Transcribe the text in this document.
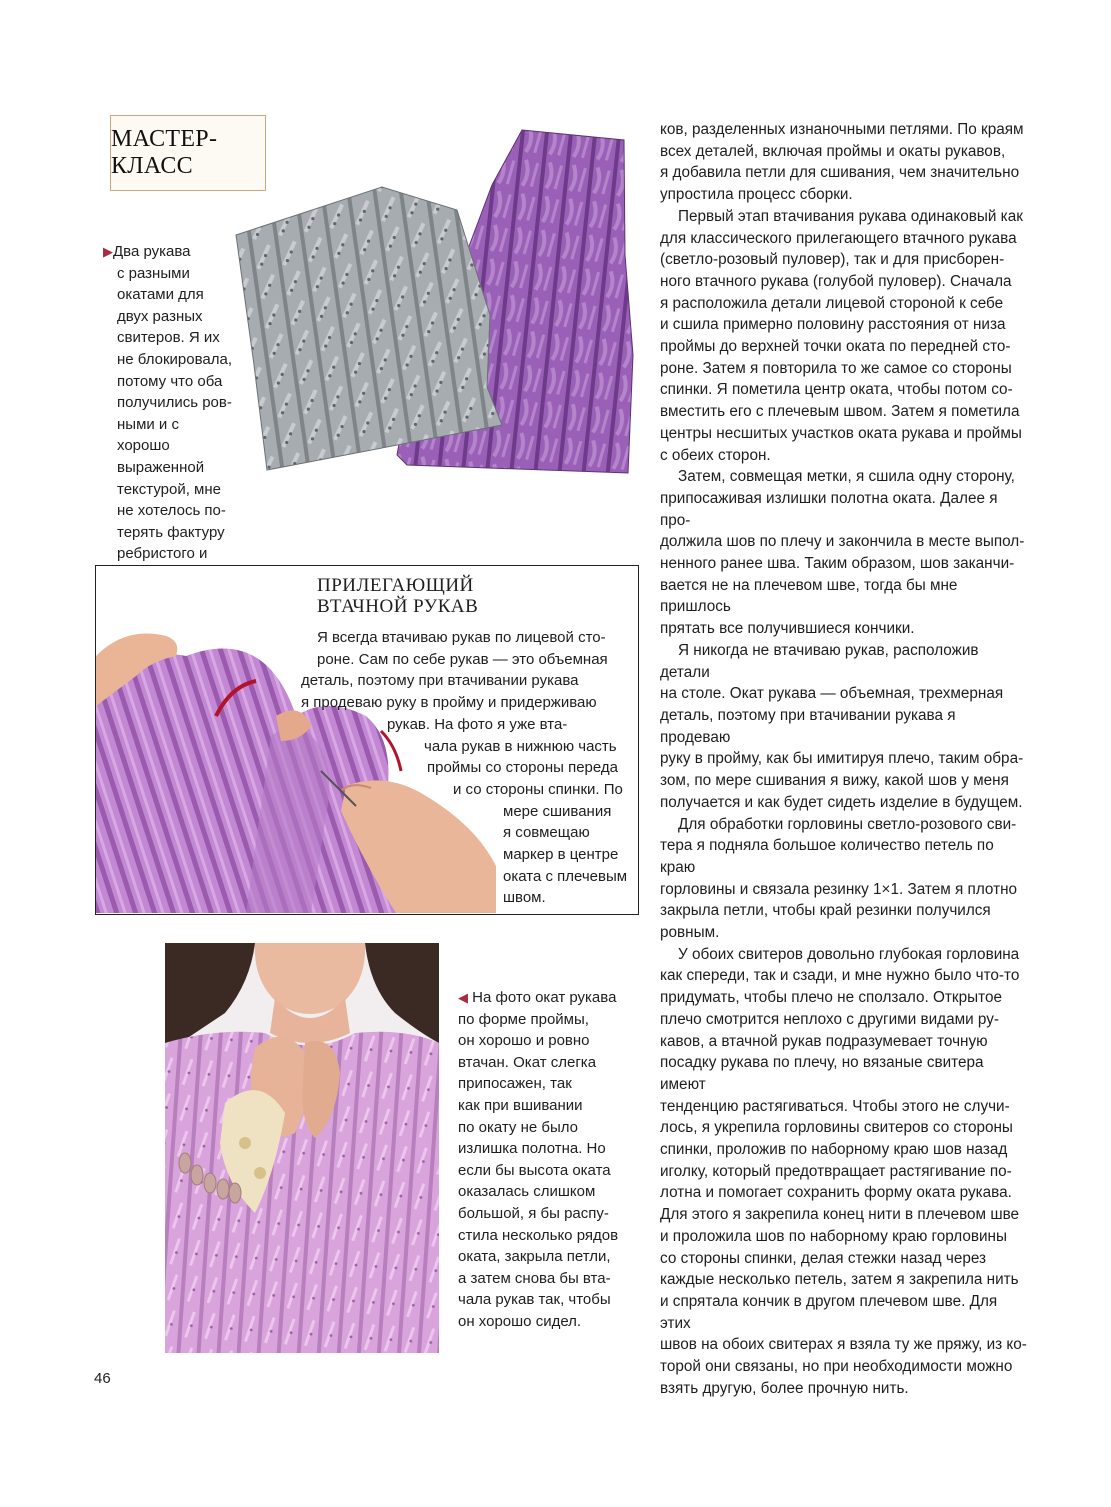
МАСТЕР-КЛАСС
▶Два рукава
с разными
окатами для
двух разных
свитеров. Я их
не блокировала,
потому что оба
получились ров-
ными и с хорошо
выраженной
текстурой, мне
не хотелось по-
терять фактуру
ребристого и

ков, разделенных изнаночными петлями. По краям
всех деталей, включая проймы и окаты рукавов,
я добавила петли для сшивания, чем значительно
упростила процесс сборки.

Первый этап втачивания рукава одинаковый как
для классического прилегающего втачного рукава
(светло-розовый пуловер), так и для присборен-
ного втачного рукава (голубой пуловер). Сначала
я расположила детали лицевой стороной к себе
и сшила примерно половину расстояния от низа
проймы до верхней точки оката по передней сто-
роне. Затем я повторила то же самое со стороны
спинки. Я пометила центр оката, чтобы потом со-
вместить его с плечевым швом. Затем я пометила
центры несшитых участков оката рукава и проймы
с обеих сторон.

Затем, совмещая метки, я сшила одну сторону,
припосаживая излишки полотна оката. Далее я про-
должила шов по плечу и закончила в месте выпол-
ненного ранее шва. Таким образом, шов заканчи-
вается не на плечевом шве, тогда бы мне пришлось
прятать все получившиеся кончики.

Я никогда не втачиваю рукав, расположив детали
на столе. Окат рукава — объемная, трехмерная
деталь, поэтому при втачивании рукава я продеваю
руку в пройму, как бы имитируя плечо, таким обра-
зом, по мере сшивания я вижу, какой шов у меня
получается и как будет сидеть изделие в будущем.

Для обработки горловины светло-розового сви-
тера я подняла большое количество петель по краю
горловины и связала резинку 1×1. Затем я плотно
закрыла петли, чтобы край резинки получился
ровным.

У обоих свитеров довольно глубокая горловина
как спереди, так и сзади, и мне нужно было что-то
придумать, чтобы плечо не сползало. Открытое
плечо смотрится неплохо с другими видами ру-
кавов, а втачной рукав подразумевает точную
посадку рукава по плечу, но вязаные свитера имеют
тенденцию растягиваться. Чтобы этого не случи-
лось, я укрепила горловины свитеров со стороны
спинки, проложив по наборному краю шов назад
иголку, который предотвращает растягивание по-
лотна и помогает сохранить форму оката рукава.
Для этого я закрепила конец нити в плечевом шве
и проложила шов по наборному краю горловины
со стороны спинки, делая стежки назад через
каждые несколько петель, затем я закрепила нить
и спрятала кончик в другом плечевом шве. Для этих
швов на обоих свитерах я взяла ту же пряжу, из ко-
торой они связаны, но при необходимости можно
взять другую, более прочную нить.

ПРИЛЕГАЮЩИЙ
ВТАЧНОЙ РУКАВ
Я всегда втачиваю рукав по лицевой сто-
роне. Сам по себе рукав — это объемная
деталь, поэтому при втачивании рукава
я продеваю руку в пройму и придерживаю
рукав. На фото я уже вта-
чала рукав в нижнюю часть
проймы со стороны переда
и со стороны спинки. По
мере сшивания
я совмещаю
маркер в центре
оката с плечевым
швом.
◀ На фото окат рукава
по форме проймы,
он хорошо и ровно
втачан. Окат слегка
припосажен, так
как при вшивании
по окату не было
излишка полотна. Но
если бы высота оката
оказалась слишком
большой, я бы распу-
стила несколько рядов
оката, закрыла петли,
а затем снова бы вта-
чала рукав так, чтобы
он хорошо сидел.
46
